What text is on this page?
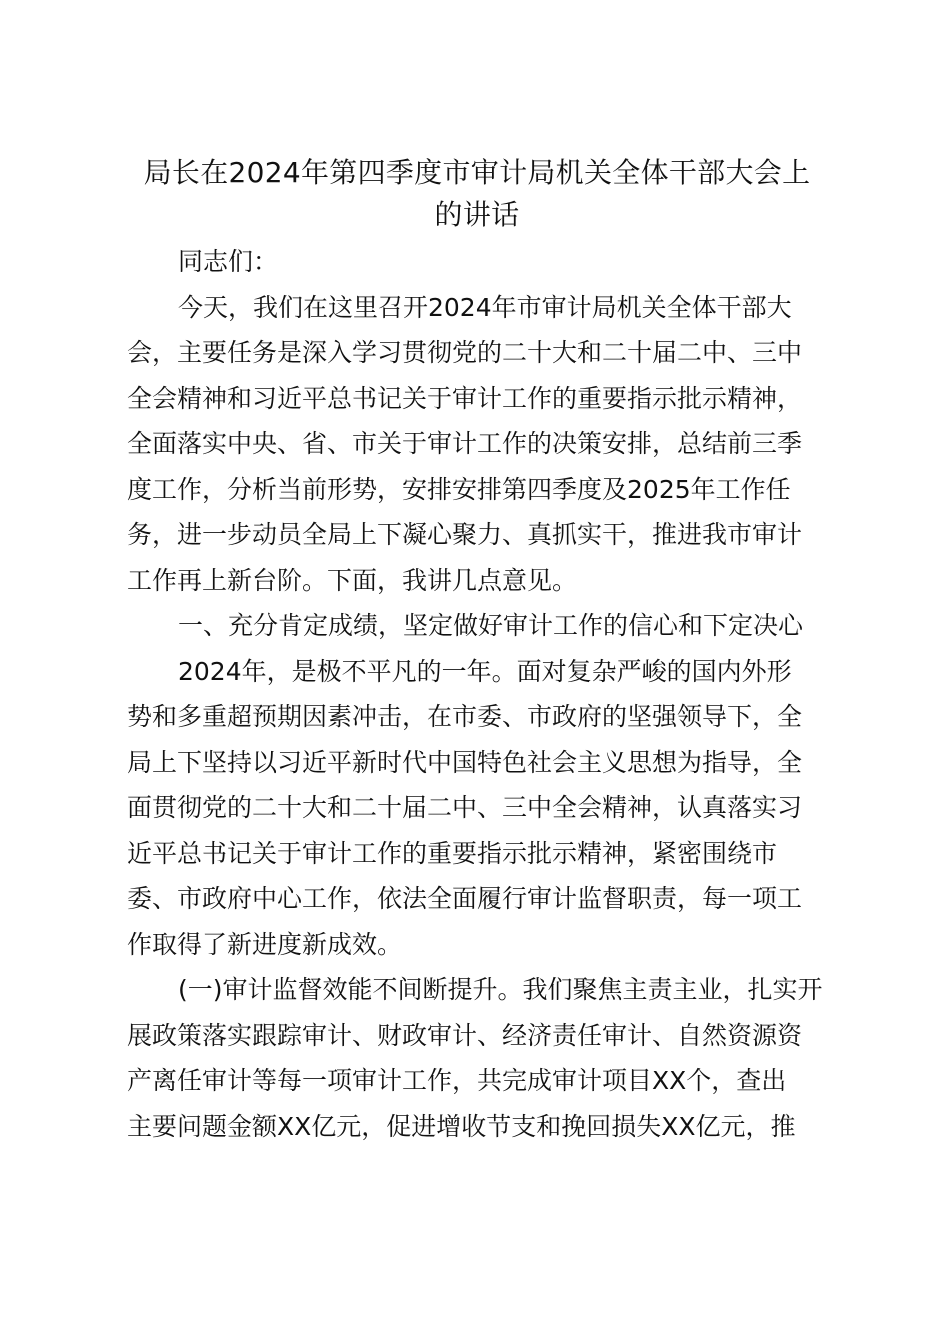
局长在2024年第四季度市审计局机关全体干部大会上
的讲话

同志们：

今天，我们在这里召开2024年市审计局机关全体干部大
会，主要任务是深入学习贯彻党的二十大和二十届二中、三中
全会精神和习近平总书记关于审计工作的重要指示批示精神，
全面落实中央、省、市关于审计工作的决策安排，总结前三季
度工作，分析当前形势，安排安排第四季度及2025年工作任
务，进一步动员全局上下凝心聚力、真抓实干，推进我市审计
工作再上新台阶。下面，我讲几点意见。

一、充分肯定成绩，坚定做好审计工作的信心和下定决心

2024年，是极不平凡的一年。面对复杂严峻的国内外形
势和多重超预期因素冲击，在市委、市政府的坚强领导下，全
局上下坚持以习近平新时代中国特色社会主义思想为指导，全
面贯彻党的二十大和二十届二中、三中全会精神，认真落实习
近平总书记关于审计工作的重要指示批示精神，紧密围绕市
委、市政府中心工作，依法全面履行审计监督职责，每一项工
作取得了新进度新成效。

(一)审计监督效能不间断提升。我们聚焦主责主业，扎实开
展政策落实跟踪审计、财政审计、经济责任审计、自然资源资
产离任审计等每一项审计工作，共完成审计项目XX个，查出
主要问题金额XX亿元，促进增收节支和挽回损失XX亿元，推
